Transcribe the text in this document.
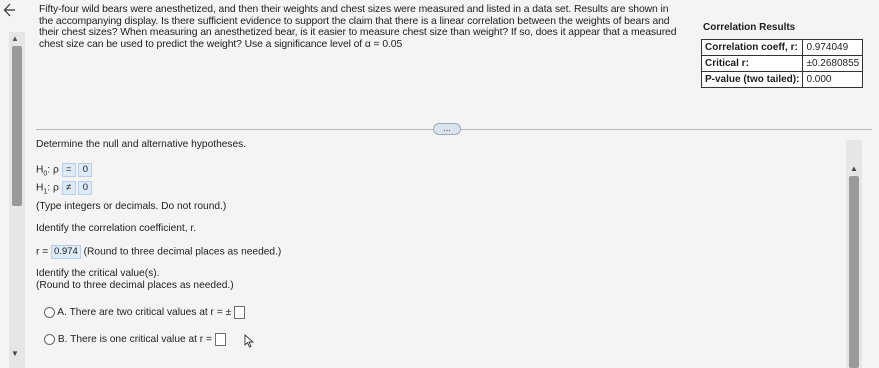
▲
Fifty-four wild bears were anesthetized, and then their weights and chest sizes were measured and listed in a data set. Results are shown in
the accompanying display. Is there sufficient evidence to support the claim that there is a linear correlation between the weights of bears and
their chest sizes? When measuring an anesthetized bear, is it easier to measure chest size than weight? If so, does it appear that a measured
chest size can be used to predict the weight? Use a significance level of α = 0.05
Correlation Results
Correlation coeff, r:	0.974049
Critical r:	±0.2680855
P-value (two tailed):	0.000
...
▲
▼
Determine the null and alternative hypotheses.
$H_0$: ρ = 0
$H_1$: ρ ≠ 0
(Type integers or decimals. Do not round.)
Identify the correlation coefficient, r.
r = 0.974 (Round to three decimal places as needed.)
Identify the critical value(s).
(Round to three decimal places as needed.)
A. There are two critical values at r = ±
B. There is one critical value at r =
